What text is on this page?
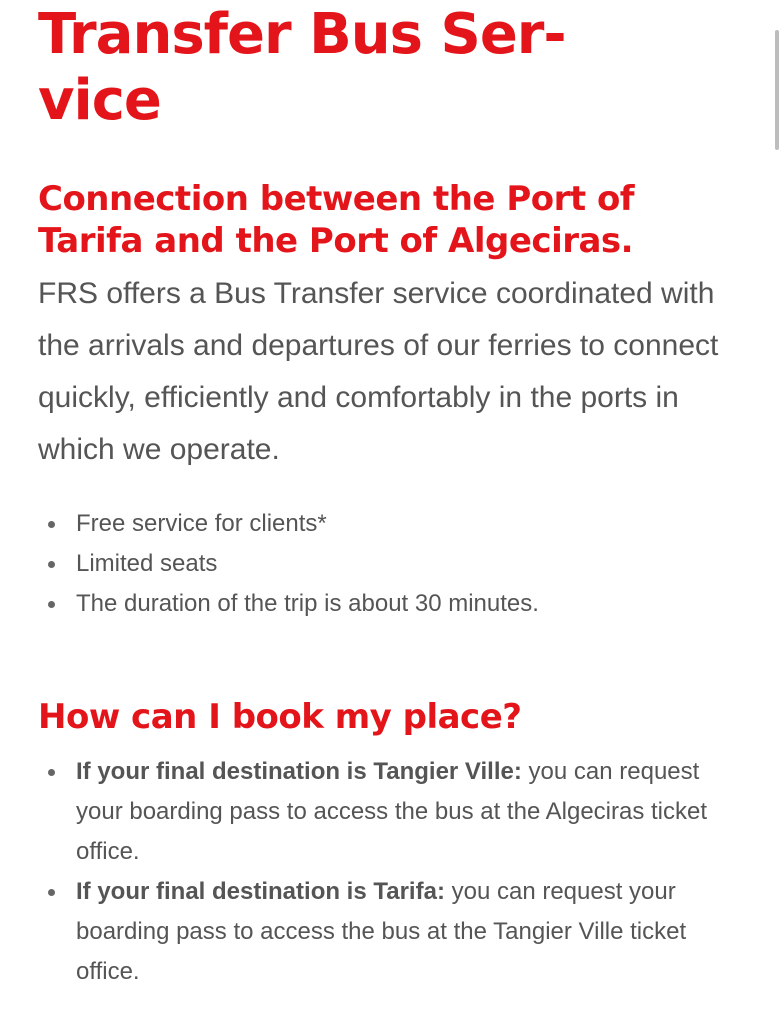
Transfer Bus Ser-
vice
Connection between the Port of Tarifa and the Port of Algeciras.

FRS offers a Bus Transfer service coordinated with the arrivals and departures of our ferries to connect quickly, efficiently and comfortably in the ports in which we operate.

Free service for clients*
Limited seats
The duration of the trip is about 30 minutes.
How can I book my place?
If your final destination is Tangier Ville: you can request your boarding pass to access the bus at the Algeciras ticket office.
If your final destination is Tarifa: you can request your boarding pass to access the bus at the Tangier Ville ticket office.
